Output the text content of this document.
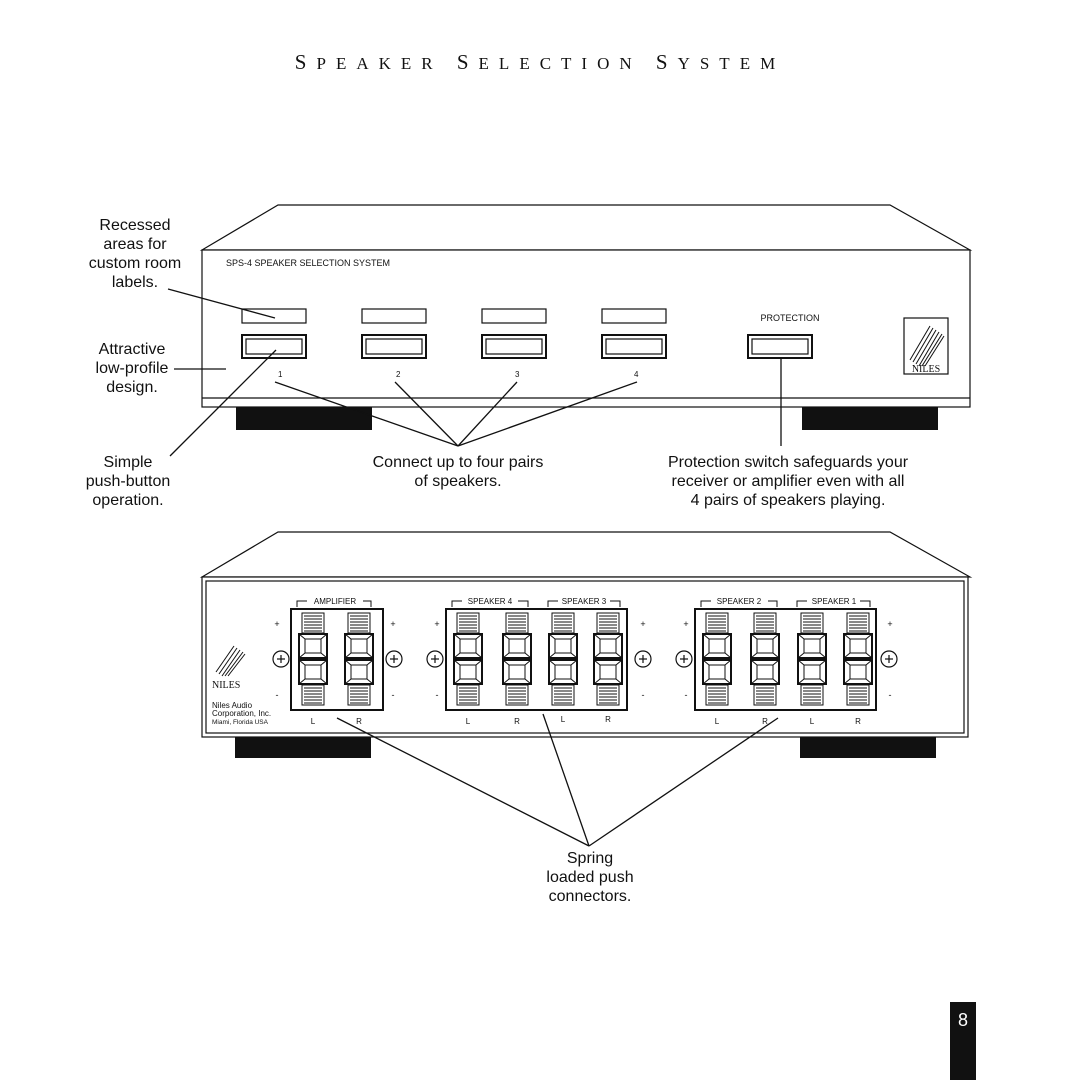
SPEAKER SELECTION SYSTEM
SPS-4 SPEAKER SELECTION SYSTEM
PROTECTION
1	2	3	4	NILES
AMPLIFIER	SPEAKER 4	SPEAKER 3	SPEAKER 2	SPEAKER 1
+	+	+	+	+	+
-	-	-	-	-	-
L	R	L	R	L	R	L	R	L	R
NILES
Niles Audio
Corporation, Inc.
Miami, Florida USA
Recessed
areas for
custom room
labels.
Attractive
low-profile
design.
Simple
push-button
operation.
Connect up to four pairs
of speakers.
Protection switch safeguards your
receiver or amplifier even with all
4 pairs of speakers playing.
Spring
loaded push
connectors.
8
